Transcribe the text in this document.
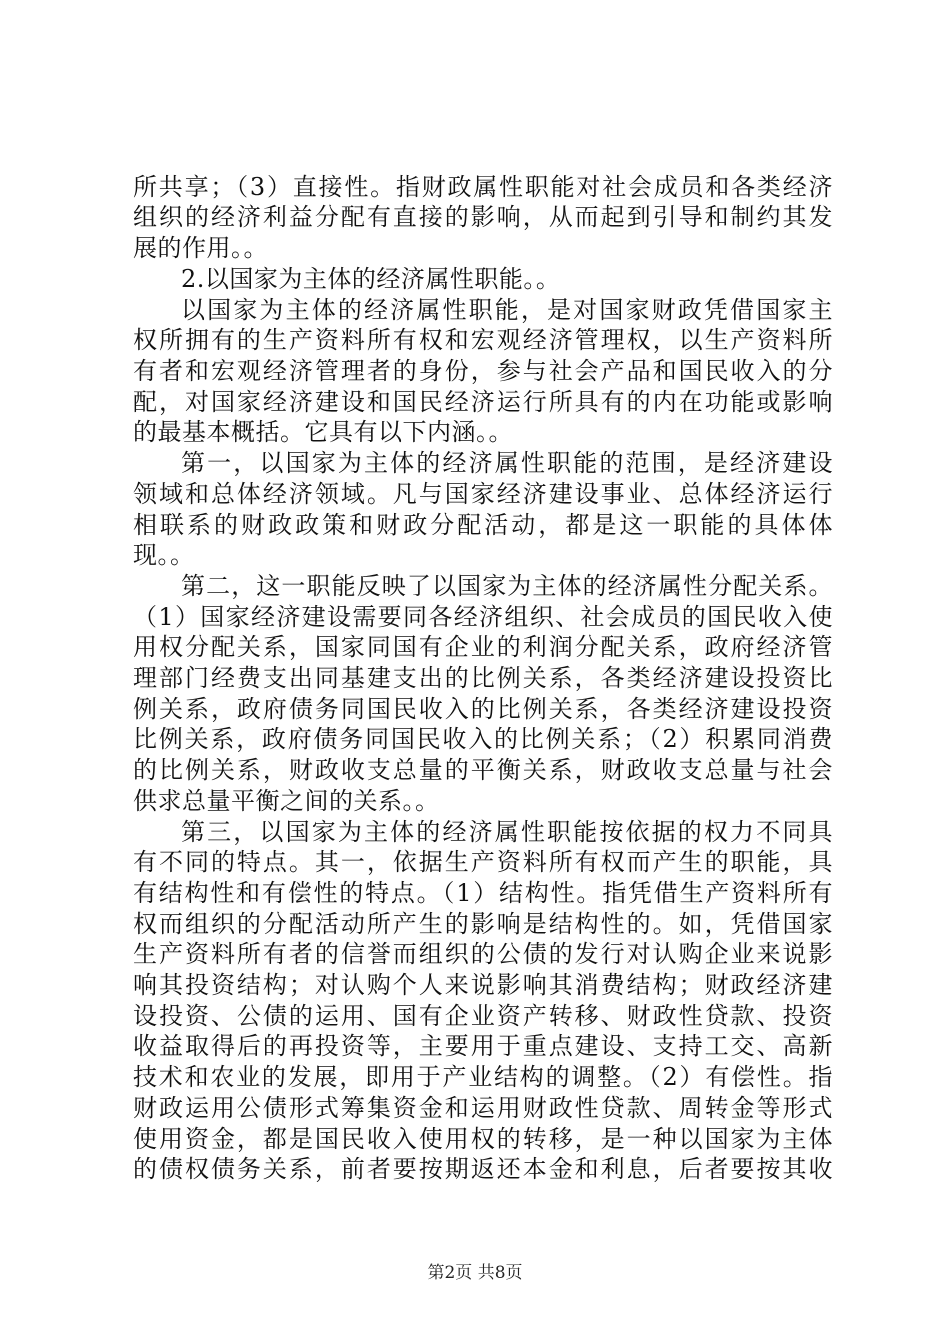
所共享；（3）直接性。指财政属性职能对社会成员和各类经济
组织的经济利益分配有直接的影响，从而起到引导和制约其发
展的作用。。
2.以国家为主体的经济属性职能。。
以国家为主体的经济属性职能，是对国家财政凭借国家主
权所拥有的生产资料所有权和宏观经济管理权，以生产资料所
有者和宏观经济管理者的身份，参与社会产品和国民收入的分
配，对国家经济建设和国民经济运行所具有的内在功能或影响
的最基本概括。它具有以下内涵。。
第一，以国家为主体的经济属性职能的范围，是经济建设
领域和总体经济领域。凡与国家经济建设事业、总体经济运行
相联系的财政政策和财政分配活动，都是这一职能的具体体
现。。
第二，这一职能反映了以国家为主体的经济属性分配关系。
（1）国家经济建设需要同各经济组织、社会成员的国民收入使
用权分配关系，国家同国有企业的利润分配关系，政府经济管
理部门经费支出同基建支出的比例关系，各类经济建设投资比
例关系，政府债务同国民收入的比例关系，各类经济建设投资
比例关系，政府债务同国民收入的比例关系；（2）积累同消费
的比例关系，财政收支总量的平衡关系，财政收支总量与社会
供求总量平衡之间的关系。。
第三，以国家为主体的经济属性职能按依据的权力不同具
有不同的特点。其一，依据生产资料所有权而产生的职能，具
有结构性和有偿性的特点。（1）结构性。指凭借生产资料所有
权而组织的分配活动所产生的影响是结构性的。如，凭借国家
生产资料所有者的信誉而组织的公债的发行对认购企业来说影
响其投资结构；对认购个人来说影响其消费结构；财政经济建
设投资、公债的运用、国有企业资产转移、财政性贷款、投资
收益取得后的再投资等，主要用于重点建设、支持工交、高新
技术和农业的发展，即用于产业结构的调整。（2）有偿性。指
财政运用公债形式筹集资金和运用财政性贷款、周转金等形式
使用资金，都是国民收入使用权的转移，是一种以国家为主体
的债权债务关系，前者要按期返还本金和利息，后者要按其收
第2页 共8页
